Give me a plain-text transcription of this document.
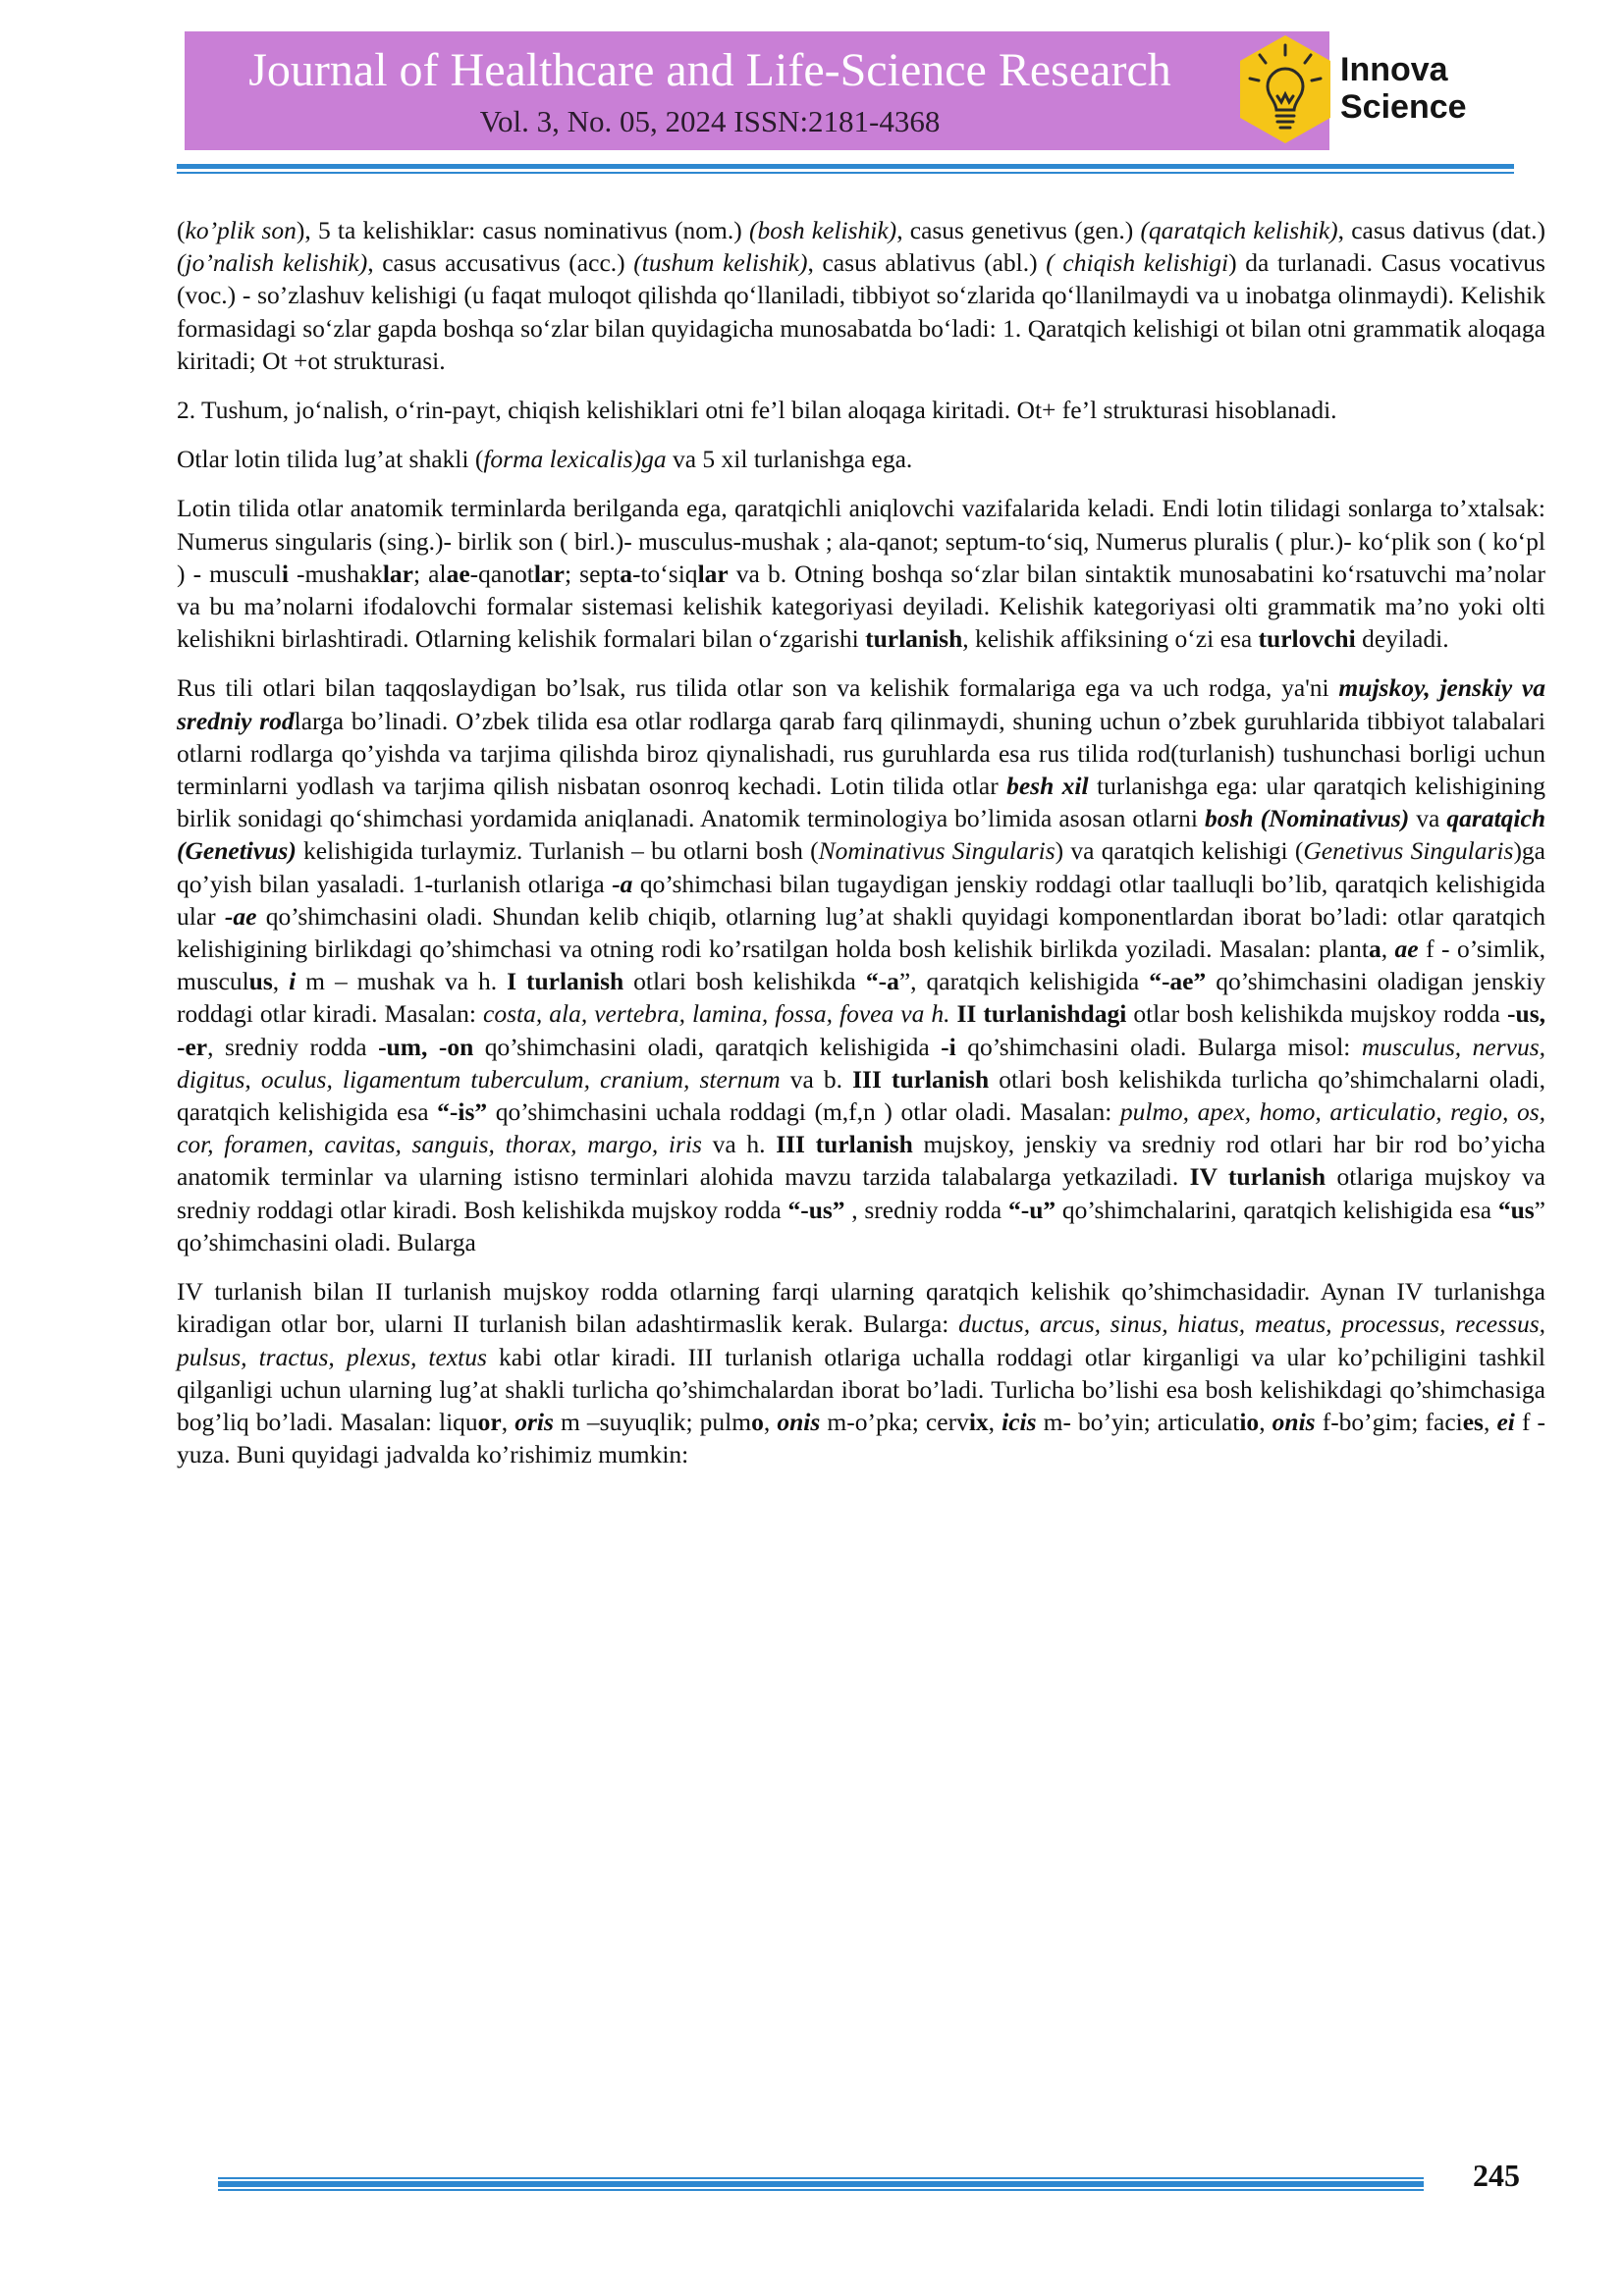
Journal of Healthcare and Life-Science Research
Vol. 3, No. 05, 2024 ISSN:2181-4368
Innova
Science

(ko’plik son), 5 ta kelishiklar: casus nominativus (nom.) (bosh kelishik), casus genetivus (gen.) (qaratqich kelishik), casus dativus (dat.) (jo’nalish kelishik), casus accusativus (acc.) (tushum kelishik), casus ablativus (abl.) ( chiqish kelishigi) da turlanadi. Casus vocativus (voc.) - so’zlashuv kelishigi (u faqat muloqot qilishda qo‘llaniladi, tibbiyot so‘zlarida qo‘llanilmaydi va u inobatga olinmaydi). Kelishik formasidagi so‘zlar gapda boshqa so‘zlar bilan quyidagicha munosabatda bo‘ladi: 1. Qaratqich kelishigi ot bilan otni grammatik aloqaga kiritadi; Ot +ot strukturasi.

2. Tushum, jo‘nalish, o‘rin-payt, chiqish kelishiklari otni fe’l bilan aloqaga kiritadi. Ot+ fe’l strukturasi hisoblanadi.

Otlar lotin tilida lug’at shakli (forma lexicalis)ga va 5 xil turlanishga ega.

Lotin tilida otlar anatomik terminlarda berilganda ega, qaratqichli aniqlovchi vazifalarida keladi. Endi lotin tilidagi sonlarga to’xtalsak: Numerus singularis (sing.)- birlik son ( birl.)- musculus-mushak ; ala-qanot; septum-to‘siq, Numerus pluralis ( plur.)- ko‘plik son ( ko‘pl ) - musculi -mushaklar; alae-qanotlar; septa-to‘siqlar va b. Otning boshqa so‘zlar bilan sintaktik munosabatini ko‘rsatuvchi ma’nolar va bu ma’nolarni ifodalovchi formalar sistemasi kelishik kategoriyasi deyiladi. Kelishik kategoriyasi olti grammatik ma’no yoki olti kelishikni birlashtiradi. Otlarning kelishik formalari bilan o‘zgarishi turlanish, kelishik affiksining o‘zi esa turlovchi deyiladi.

Rus tili otlari bilan taqqoslaydigan bo’lsak, rus tilida otlar son va kelishik formalariga ega va uch rodga, ya'ni mujskoy, jenskiy va sredniy rodlarga bo’linadi. O’zbek tilida esa otlar rodlarga qarab farq qilinmaydi, shuning uchun o’zbek guruhlarida tibbiyot talabalari otlarni rodlarga qo’yishda va tarjima qilishda biroz qiynalishadi, rus guruhlarda esa rus tilida rod(turlanish) tushunchasi borligi uchun terminlarni yodlash va tarjima qilish nisbatan osonroq kechadi. Lotin tilida otlar besh xil turlanishga ega: ular qaratqich kelishigining birlik sonidagi qo‘shimchasi yordamida aniqlanadi. Anatomik terminologiya bo’limida asosan otlarni bosh (Nominativus) va qaratqich (Genetivus) kelishigida turlaymiz. Turlanish – bu otlarni bosh (Nominativus Singularis) va qaratqich kelishigi (Genetivus Singularis)ga qo’yish bilan yasaladi. 1-turlanish otlariga -a qo’shimchasi bilan tugaydigan jenskiy roddagi otlar taalluqli bo’lib, qaratqich kelishigida ular -ae qo’shimchasini oladi. Shundan kelib chiqib, otlarning lug’at shakli quyidagi komponentlardan iborat bo’ladi: otlar qaratqich kelishigining birlikdagi qo’shimchasi va otning rodi ko’rsatilgan holda bosh kelishik birlikda yoziladi. Masalan: planta, ae f - o’simlik, musculus, i m – mushak va h. I turlanish otlari bosh kelishikda “-a”, qaratqich kelishigida “-ae” qo’shimchasini oladigan jenskiy roddagi otlar kiradi. Masalan: costa, ala, vertebra, lamina, fossa, fovea va h. II turlanishdagi otlar bosh kelishikda mujskoy rodda -us, -er, sredniy rodda -um, -on qo’shimchasini oladi, qaratqich kelishigida -i qo’shimchasini oladi. Bularga misol: musculus, nervus, digitus, oculus, ligamentum tuberculum, cranium, sternum va b. III turlanish otlari bosh kelishikda turlicha qo’shimchalarni oladi, qaratqich kelishigida esa “-is” qo’shimchasini uchala roddagi (m,f,n ) otlar oladi. Masalan: pulmo, apex, homo, articulatio, regio, os, cor, foramen, cavitas, sanguis, thorax, margo, iris va h. III turlanish mujskoy, jenskiy va sredniy rod otlari har bir rod bo’yicha anatomik terminlar va ularning istisno terminlari alohida mavzu tarzida talabalarga yetkaziladi. IV turlanish otlariga mujskoy va sredniy roddagi otlar kiradi. Bosh kelishikda mujskoy rodda “-us” , sredniy rodda “-u” qo’shimchalarini, qaratqich kelishigida esa “us” qo’shimchasini oladi. Bularga

IV turlanish bilan II turlanish mujskoy rodda otlarning farqi ularning qaratqich kelishik qo’shimchasidadir. Aynan IV turlanishga kiradigan otlar bor, ularni II turlanish bilan adashtirmaslik kerak. Bularga: ductus, arcus, sinus, hiatus, meatus, processus, recessus, pulsus, tractus, plexus, textus kabi otlar kiradi. III turlanish otlariga uchalla roddagi otlar kirganligi va ular ko’pchiligini tashkil qilganligi uchun ularning lug’at shakli turlicha qo’shimchalardan iborat bo’ladi. Turlicha bo’lishi esa bosh kelishikdagi qo’shimchasiga bog’liq bo’ladi. Masalan: liquor, oris m –suyuqlik; pulmo, onis m-o’pka; cervix, icis m- bo’yin; articulatio, onis f-bo’gim; facies, ei f - yuza. Buni quyidagi jadvalda ko’rishimiz mumkin:

245
